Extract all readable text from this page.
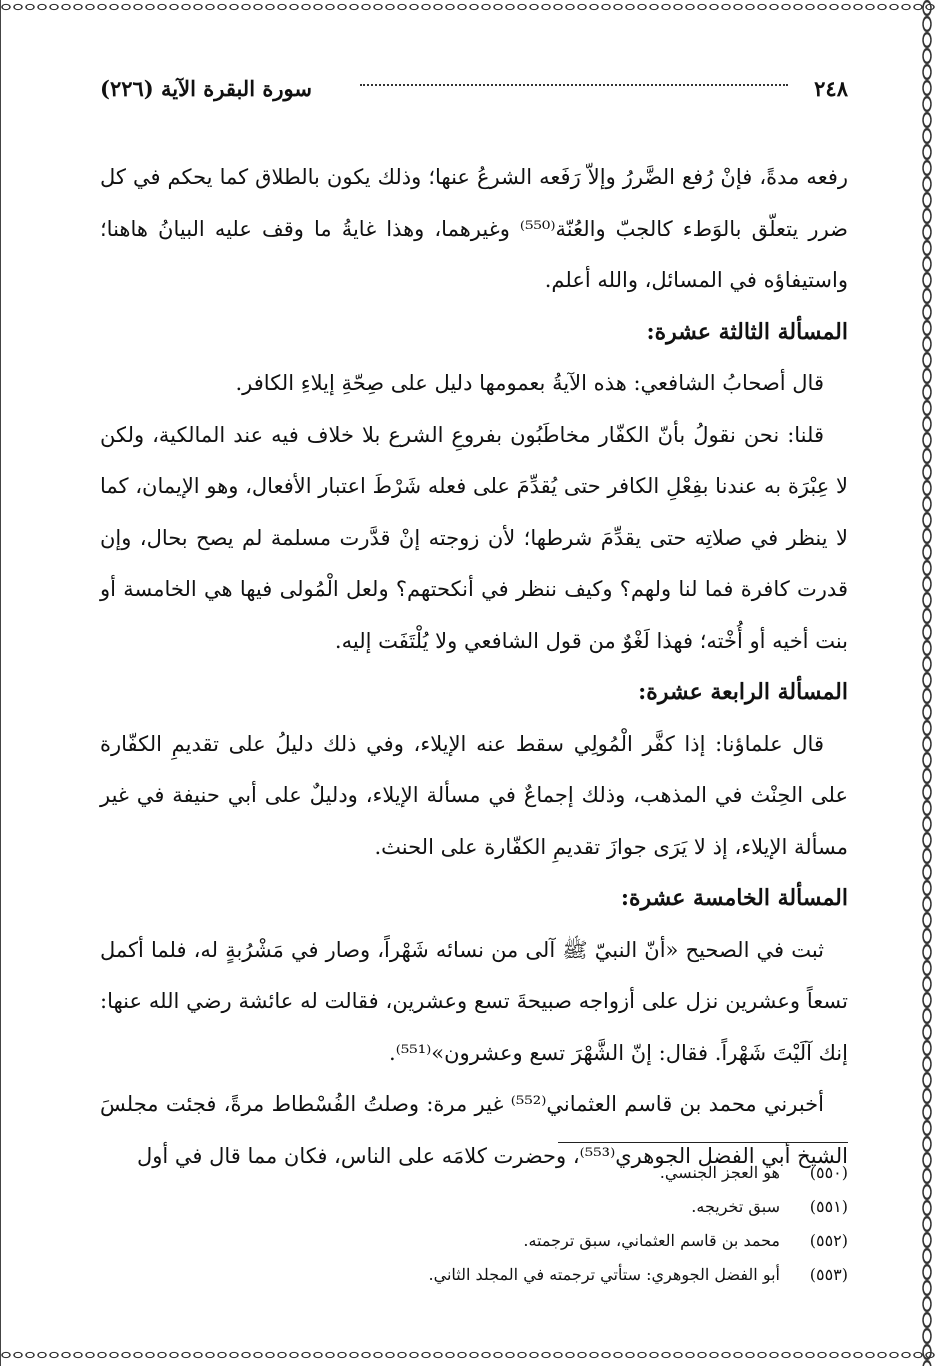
٢٤٨
سورة البقرة الآية (٢٢٦)

رفعه مدةً، فإنْ رُفع الضَّررُ وإلاّ رَفَعه الشرعُ عنها؛ وذلك يكون بالطلاق كما يحكم في كل ضرر يتعلّق بالوَطء كالجبّ والعُنّة⁽⁵⁵⁰⁾ وغيرهما، وهذا غايةُ ما وقف عليه البيانُ هاهنا؛ واستيفاؤه في المسائل، والله أعلم.

المسألة الثالثة عشرة:

قال أصحابُ الشافعي: هذه الآيةُ بعمومها دليل على صِحّةِ إيلاءِ الكافر.

قلنا: نحن نقولُ بأنّ الكفّار مخاطَبُون بفروعِ الشرع بلا خلاف فيه عند المالكية، ولكن لا عِبْرَة به عندنا بفِعْلِ الكافر حتى يُقدِّمَ على فعله شَرْطَ اعتبار الأفعال، وهو الإيمان، كما لا ينظر في صلاتِه حتى يقدِّمَ شرطها؛ لأن زوجته إنْ قدَّرت مسلمة لم يصح بحال، وإن قدرت كافرة فما لنا ولهم؟ وكيف ننظر في أنكحتهم؟ ولعل الْمُولى فيها هي الخامسة أو بنت أخيه أو أُخْته؛ فهذا لَغْوٌ من قول الشافعي ولا يُلْتَفَت إليه.

المسألة الرابعة عشرة:

قال علماؤنا: إذا كفَّر الْمُولِي سقط عنه الإيلاء، وفي ذلك دليلُ على تقديمِ الكفّارة على الحِنْث في المذهب، وذلك إجماعٌ في مسألة الإيلاء، ودليلٌ على أبي حنيفة في غير مسألة الإيلاء، إذ لا يَرَى جوازَ تقديمِ الكفّارة على الحنث.

المسألة الخامسة عشرة:

ثبت في الصحيح «أنّ النبيّ ﷺ آلى من نسائه شَهْراً، وصار في مَشْرُبةٍ له، فلما أكمل تسعاً وعشرين نزل على أزواجه صبيحةَ تسع وعشرين، فقالت له عائشة رضي الله عنها: إنك آلَيْتَ شَهْراً. فقال: إنّ الشَّهْرَ تسع وعشرون»⁽⁵⁵¹⁾.

أخبرني محمد بن قاسم العثماني⁽⁵⁵²⁾ غير مرة: وصلتُ الفُسْطاط مرةً، فجئت مجلسَ الشيخ أبي الفضل الجوهري⁽⁵⁵³⁾، وحضرت كلامَه على الناس، فكان مما قال في أول

(٥٥٠)
هو العجز الجنسي.
(٥٥١)
سبق تخريجه.
(٥٥٢)
محمد بن قاسم العثماني، سبق ترجمته.
(٥٥٣)
أبو الفضل الجوهري: ستأتي ترجمته في المجلد الثاني.
